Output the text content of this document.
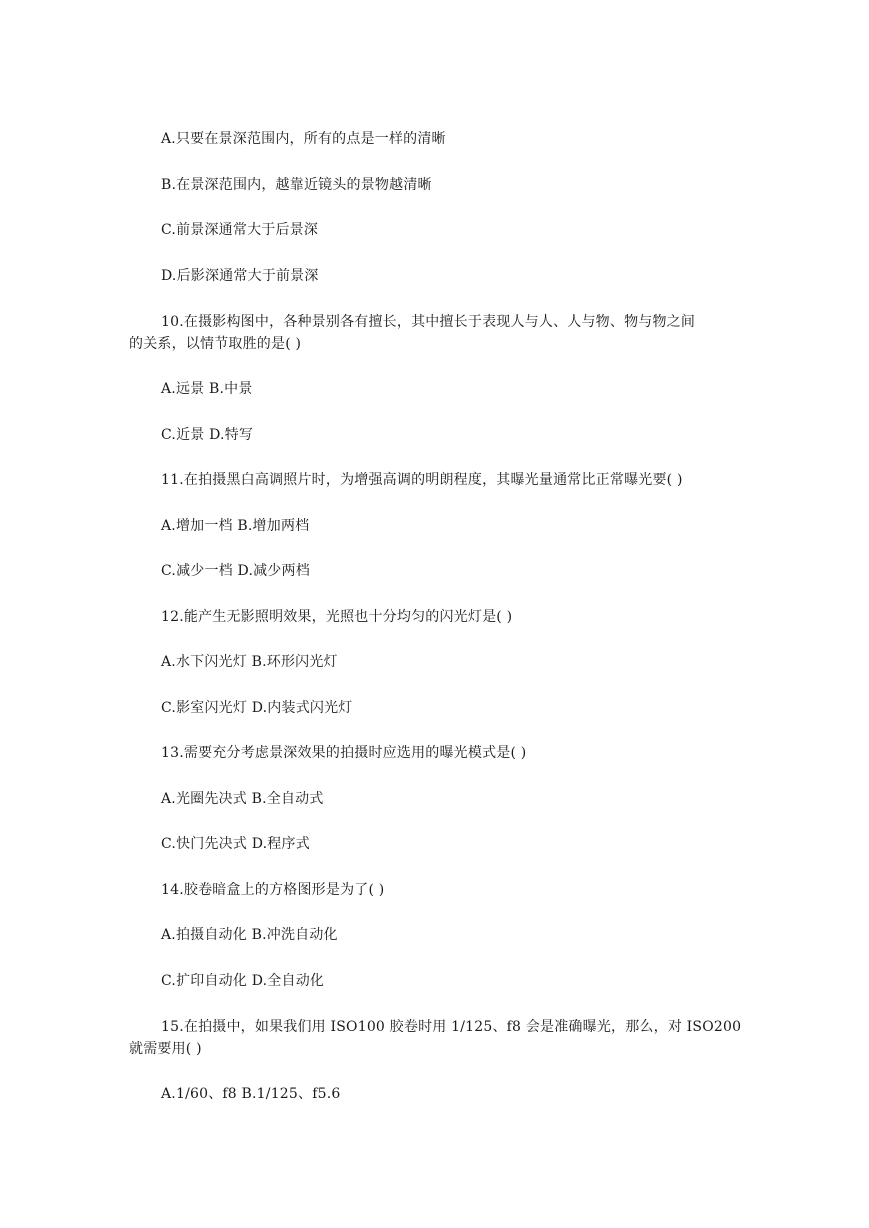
A.只要在景深范围内，所有的点是一样的清晰
B.在景深范围内，越靠近镜头的景物越清晰
C.前景深通常大于后景深
D.后影深通常大于前景深
10.在摄影构图中，各种景别各有擅长，其中擅长于表现人与人、人与物、物与物之间
的关系，以情节取胜的是( )
A.远景 B.中景
C.近景 D.特写
11.在拍摄黑白高调照片时，为增强高调的明朗程度，其曝光量通常比正常曝光要( )
A.增加一档 B.增加两档
C.减少一档 D.减少两档
12.能产生无影照明效果，光照也十分均匀的闪光灯是( )
A.水下闪光灯 B.环形闪光灯
C.影室闪光灯 D.内装式闪光灯
13.需要充分考虑景深效果的拍摄时应选用的曝光模式是( )
A.光圈先决式 B.全自动式
C.快门先决式 D.程序式
14.胶卷暗盒上的方格图形是为了( )
A.拍摄自动化 B.冲洗自动化
C.扩印自动化 D.全自动化
15.在拍摄中，如果我们用 ISO100 胶卷时用 1/125、f8 会是准确曝光，那么，对 ISO200
就需要用( )
A.1/60、f8 B.1/125、f5.6
